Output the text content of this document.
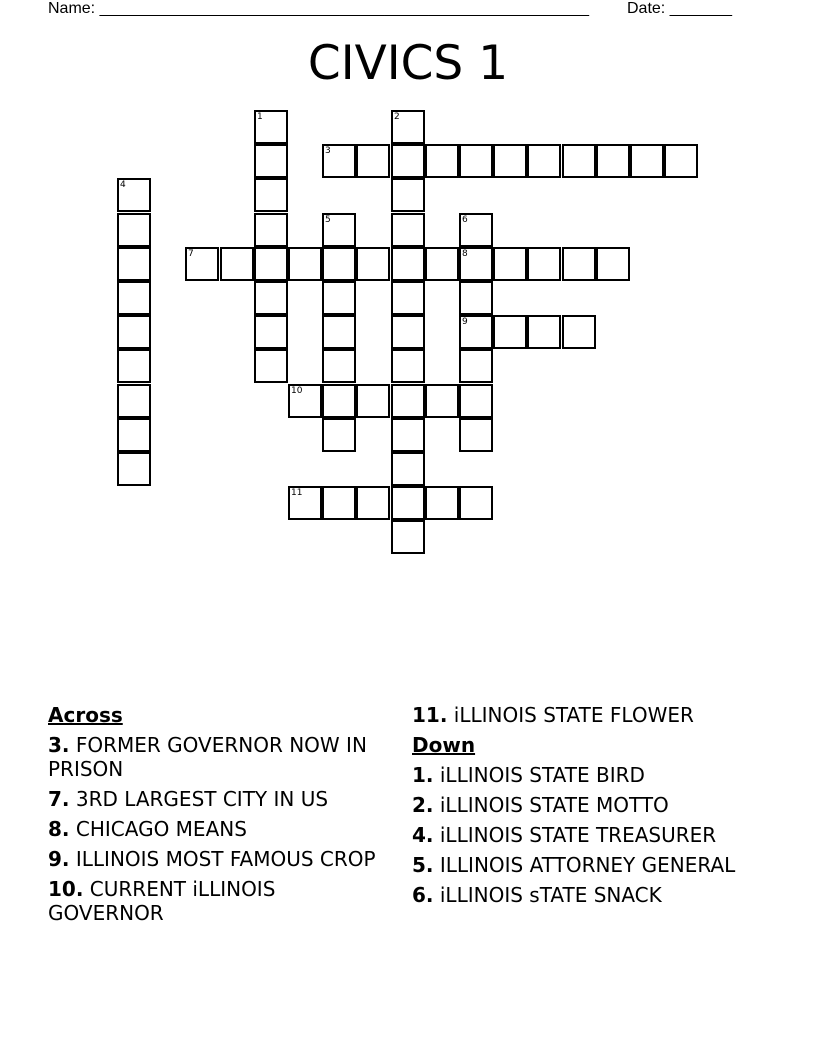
Name: _______________________________________________________

Date: _______

CIVICS 1
1	2
3
4
5	6
8
9
7
10
11
Across
3. FORMER GOVERNOR NOW IN PRISON
7. 3RD LARGEST CITY IN US
8. CHICAGO MEANS
9. ILLINOIS MOST FAMOUS CROP
10. CURRENT iLLINOIS GOVERNOR
11. iLLINOIS STATE FLOWER
Down
1. iLLINOIS STATE BIRD
2. iLLINOIS STATE MOTTO
4. iLLINOIS STATE TREASURER
5. ILLINOIS ATTORNEY GENERAL
6. iLLINOIS sTATE SNACK
